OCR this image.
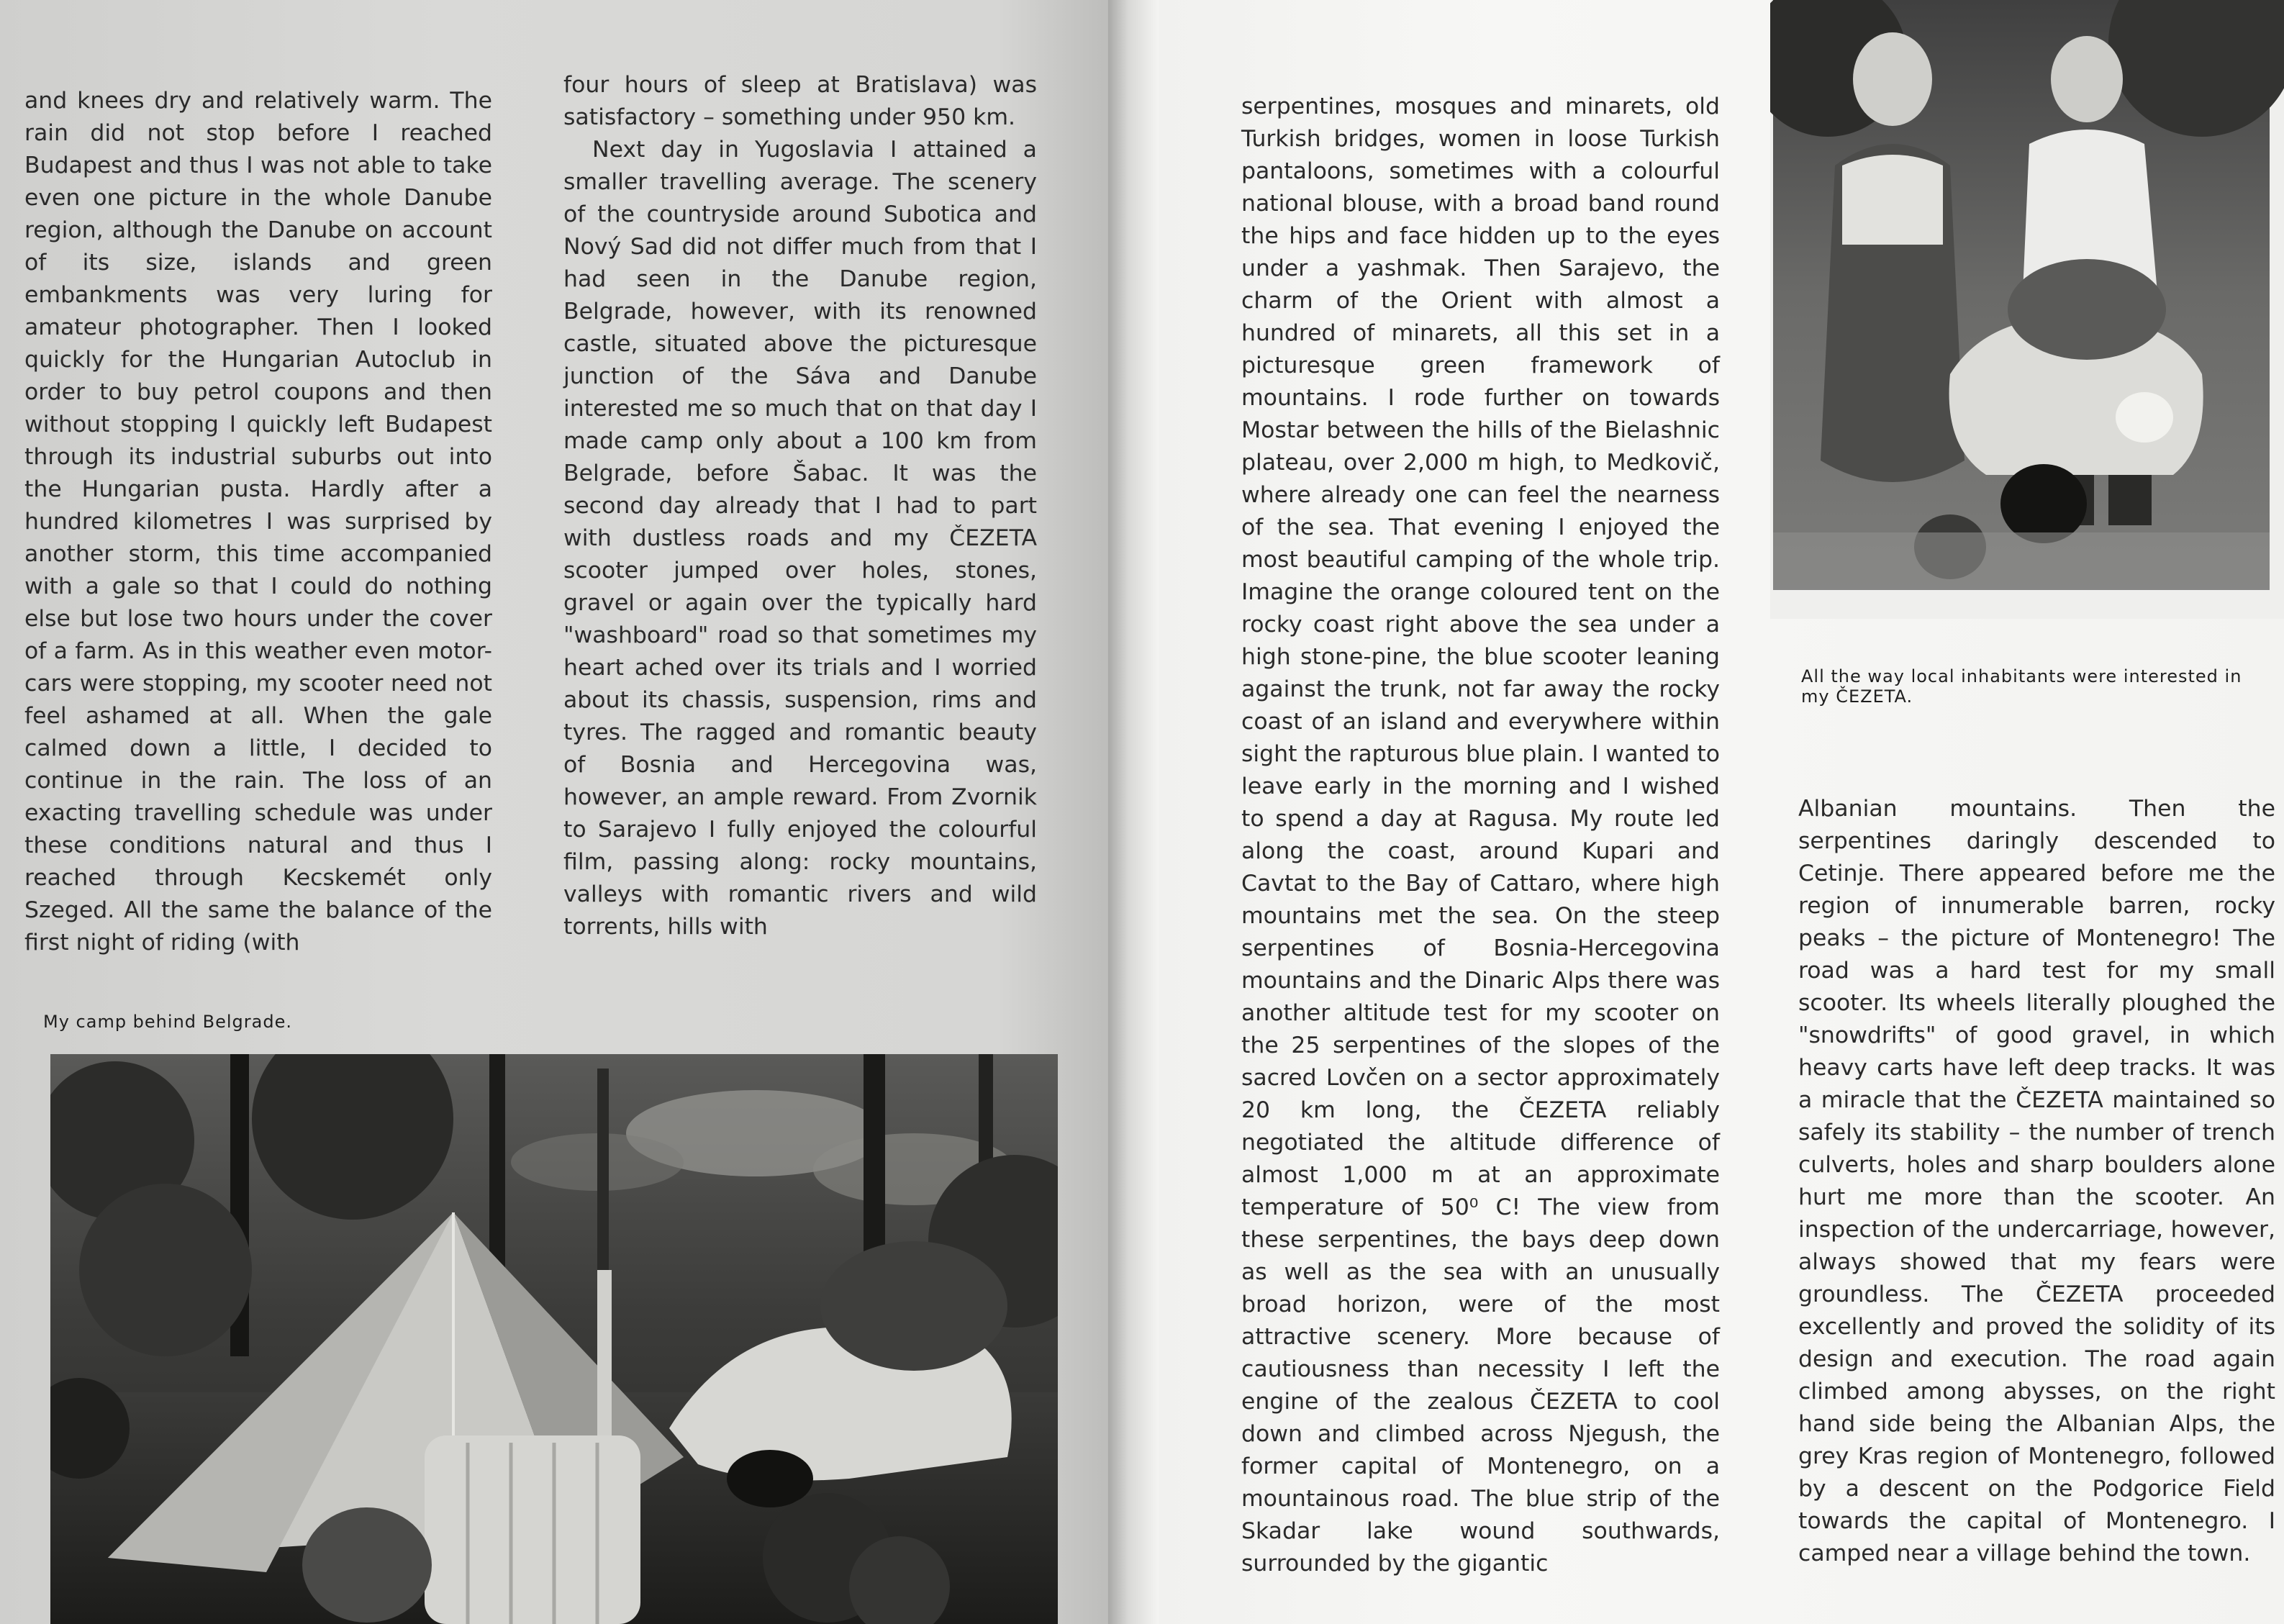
and knees dry and relatively warm. The rain did not stop before I reached Budapest and thus I was not able to take even one picture in the whole Danube region, although the Danube on account of its size, islands and green embankments was very luring for amateur photographer. Then I looked quickly for the Hungarian Autoclub in order to buy petrol coupons and then without stopping I quickly left Budapest through its industrial suburbs out into the Hungarian pusta. Hardly after a hundred kilometres I was surprised by another storm, this time accompanied with a gale so that I could do nothing else but lose two hours under the cover of a farm. As in this weather even motor-cars were stopping, my scooter need not feel ashamed at all. When the gale calmed down a little, I decided to continue in the rain. The loss of an exacting travelling schedule was under these conditions natural and thus I reached through Kecskemét only Szeged. All the same the balance of the first night of riding (with

four hours of sleep at Bratislava) was satisfactory – something under 950 km.

Next day in Yugoslavia I attained a smaller travelling average. The scenery of the countryside around Subotica and Nový Sad did not differ much from that I had seen in the Danube region, Belgrade, however, with its renowned castle, situated above the picturesque junction of the Sáva and Danube interested me so much that on that day I made camp only about a 100 km from Belgrade, before Šabac. It was the second day already that I had to part with dustless roads and my ČEZETA scooter jumped over holes, stones, gravel or again over the typically hard "washboard" road so that sometimes my heart ached over its trials and I worried about its chassis, suspension, rims and tyres. The ragged and romantic beauty of Bosnia and Hercegovina was, however, an ample reward. From Zvornik to Sarajevo I fully enjoyed the colourful film, passing along: rocky mountains, valleys with romantic rivers and wild torrents, hills with

My camp behind Belgrade.

serpentines, mosques and minarets, old Turkish bridges, women in loose Turkish pantaloons, sometimes with a colourful national blouse, with a broad band round the hips and face hidden up to the eyes under a yashmak. Then Sarajevo, the charm of the Orient with almost a hundred of minarets, all this set in a picturesque green framework of mountains. I rode further on towards Mostar between the hills of the Bielashnic plateau, over 2,000 m high, to Medkovič, where already one can feel the nearness of the sea. That evening I enjoyed the most beautiful camping of the whole trip. Imagine the orange coloured tent on the rocky coast right above the sea under a high stone-pine, the blue scooter leaning against the trunk, not far away the rocky coast of an island and everywhere within sight the rapturous blue plain. I wanted to leave early in the morning and I wished to spend a day at Ragusa. My route led along the coast, around Kupari and Cavtat to the Bay of Cattaro, where high mountains met the sea. On the steep serpentines of Bosnia-Hercegovina mountains and the Dinaric Alps there was another altitude test for my scooter on the 25 serpentines of the slopes of the sacred Lovčen on a sector approximately 20 km long, the ČEZETA reliably negotiated the altitude difference of almost 1,000 m at an approximate temperature of 50⁰ C! The view from these serpentines, the bays deep down as well as the sea with an unusually broad horizon, were of the most attractive scenery. More because of cautiousness than necessity I left the engine of the zealous ČEZETA to cool down and climbed across Njegush, the former capital of Montenegro, on a mountainous road. The blue strip of the Skadar lake wound southwards, surrounded by the gigantic

All the way local inhabitants were interested in my ČEZETA.

Albanian mountains. Then the serpentines daringly descended to Cetinje. There appeared before me the region of innumerable barren, rocky peaks – the picture of Montenegro! The road was a hard test for my small scooter. Its wheels literally ploughed the "snowdrifts" of good gravel, in which heavy carts have left deep tracks. It was a miracle that the ČEZETA maintained so safely its stability – the number of trench culverts, holes and sharp boulders alone hurt me more than the scooter. An inspection of the undercarriage, however, always showed that my fears were groundless. The ČEZETA proceeded excellently and proved the solidity of its design and execution. The road again climbed among abysses, on the right hand side being the Albanian Alps, the grey Kras region of Montenegro, followed by a descent on the Podgorice Field towards the capital of Montenegro. I camped near a village behind the town.
